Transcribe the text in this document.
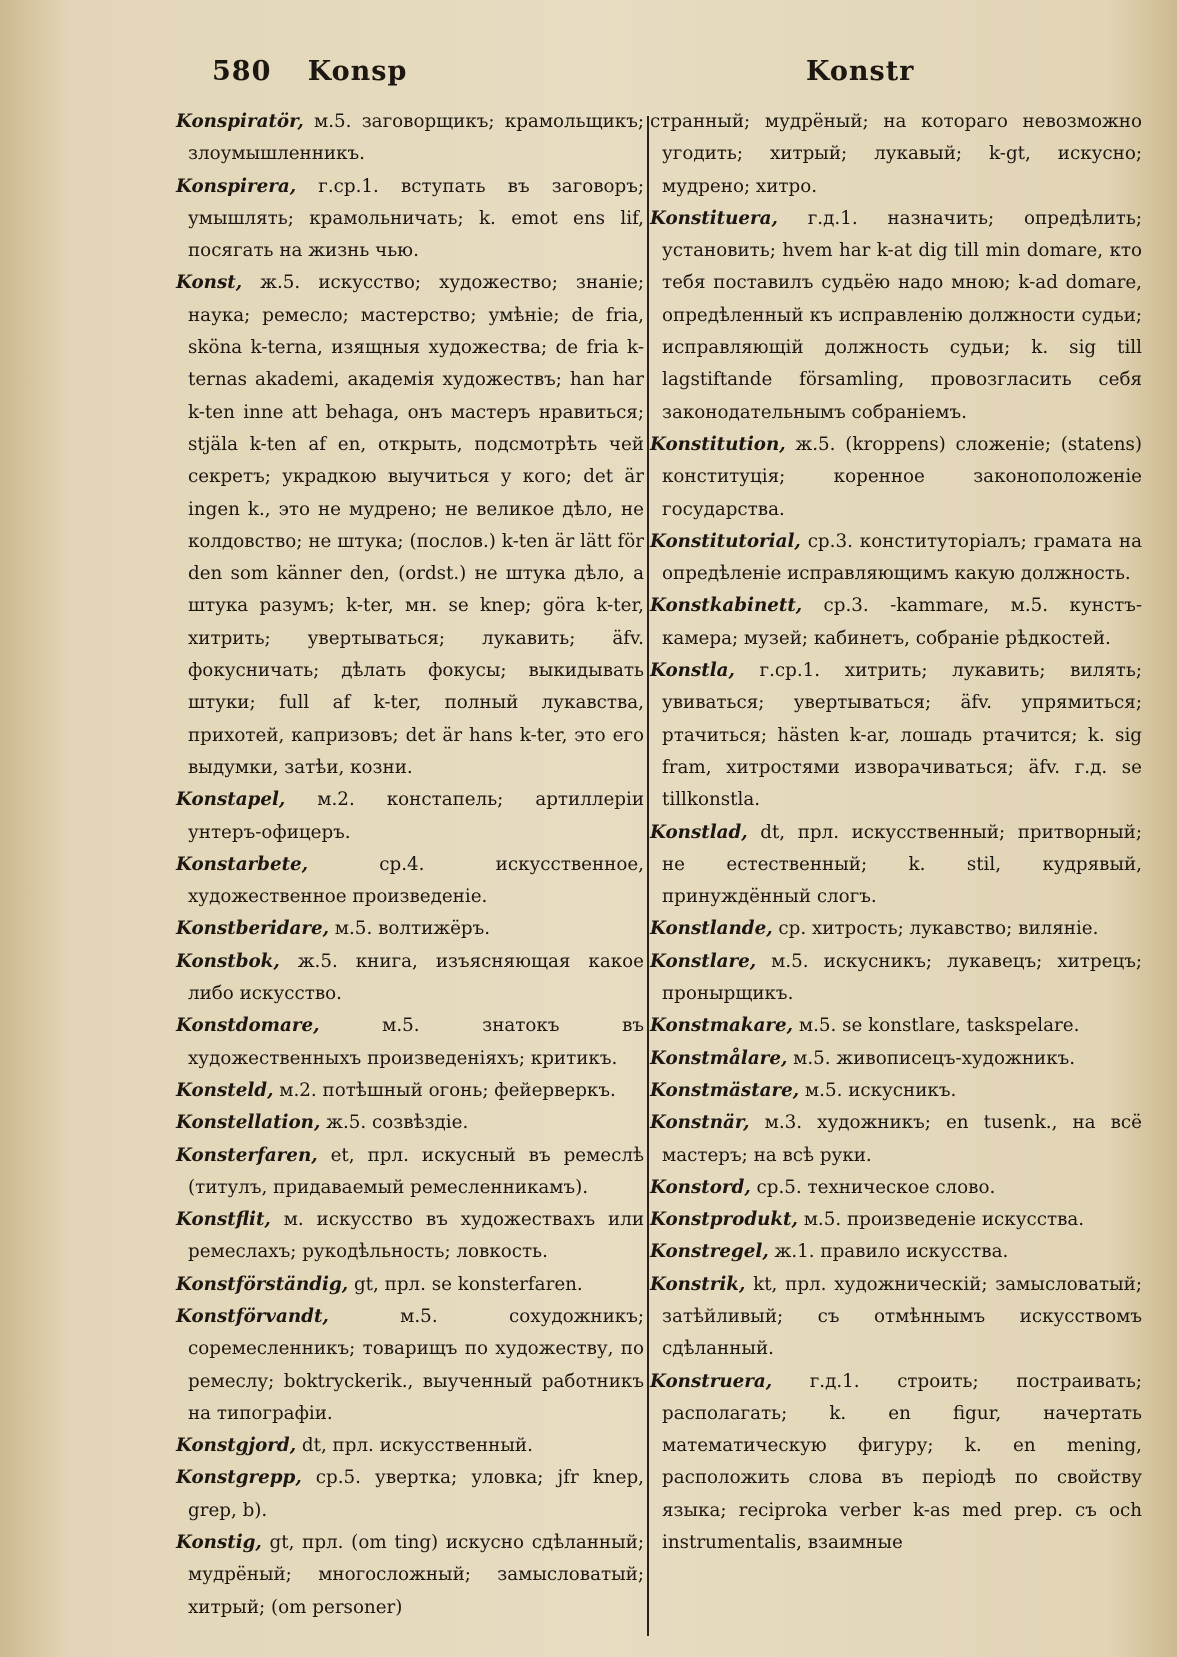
580 Konsp	Konstr

Konspiratör, м.5. заговорщикъ; крамольщикъ; злоумышленникъ.

Konspirera, г.ср.1. вступать въ заговоръ; умышлять; крамольничать; k. emot ens lif, посягать на жизнь чью.

Konst, ж.5. искусство; художество; знаніе; наука; ремесло; мастерство; умѣніе; de fria, sköna k-terna, изящныя художества; de fria k-ternas akademi, академія художествъ; han har k-ten inne att behaga, онъ мастеръ нравиться; stjäla k-ten af en, открыть, подсмотрѣть чей секретъ; украдкою выучиться у кого; det är ingen k., это не мудрено; не великое дѣло, не колдовство; не штука; (послов.) k-ten är lätt för den som känner den, (ordst.) не штука дѣло, а штука разумъ; k-ter, мн. se knep; göra k-ter, хитрить; увертываться; лукавить; äfv. фокусничать; дѣлать фокусы; выкидывать штуки; full af k-ter, полный лукавства, прихотей, капризовъ; det är hans k-ter, это его выдумки, затѣи, козни.

Konstapel, м.2. констапель; артиллеріи унтеръ-офицеръ.

Konstarbete,	ср.4. искусственное, художественное произведеніе.

Konstberidare, м.5. волтижёръ.

Konstbok, ж.5. книга, изъясняющая какое либо искусство.

Konstdomare,	м.5. знатокъ въ художественныхъ произведеніяхъ; критикъ.

Konsteld, м.2. потѣшный огонь; фейерверкъ.

Konstellation, ж.5. созвѣздіе.

Konsterfaren, et, прл. искусный въ ремеслѣ (титулъ, придаваемый ремесленникамъ).

Konstflit, м. искусство въ художествахъ или ремеслахъ; рукодѣльность; ловкость.

Konstförständig, gt, прл. se konsterfaren.

Konstförvandt,	м.5. сохудожникъ; соремесленникъ; товарищъ по художеству, по ремеслу; boktryckerik., выученный работникъ на типографіи.

Konstgjord, dt, прл. искусственный.

Konstgrepp, ср.5. увертка; уловка; jfr knep, grep, b).

Konstig, gt, прл. (om ting) искусно сдѣланный; мудрёный; многосложный; замысловатый; хитрый; (om personer)

странный; мудрёный; на котораго невозможно угодить; хитрый; лукавый; k-gt, искусно; мудрено; хитро.

Konstituera, г.д.1. назначить; опредѣлить; установить; hvem har k-at dig till min domare, кто тебя поставилъ судьёю надо мною; k-ad domare, опредѣленный къ исправленію должности судьи; исправляющій должность судьи; k. sig till lagstiftande församling, провозгласить себя законодательнымъ собраніемъ.

Konstitution, ж.5. (kroppens) сложеніе; (statens) конституція; коренное законоположеніе государства.

Konstitutorial, ср.3. конституторіалъ; грамата на опредѣленіе исправляющимъ какую должность.

Konstkabinett, ср.3. -kammare, м.5. кунстъ-камера; музей; кабинетъ, собраніе рѣдкостей.

Konstla, г.ср.1. хитрить; лукавить; вилять; увиваться; увертываться; äfv. упрямиться; ртачиться; hästen k-ar, лошадь ртачится; k. sig fram, хитростями изворачиваться; äfv. г.д. se tillkonstla.

Konstlad, dt, прл. искусственный; притворный; не естественный; k. stil, кудрявый, принуждённый слогъ.

Konstlande, ср. хитрость; лукавство; виляніе.

Konstlare, м.5. искусникъ; лукавецъ; хитрецъ; пронырщикъ.

Konstmakare, м.5. se konstlare, taskspelare.

Konstmålare, м.5. живописецъ-художникъ.

Konstmästare, м.5. искусникъ.

Konstnär, м.3. художникъ; en tusenk., на всё мастеръ; на всѣ руки.

Konstord, ср.5. техническое слово.

Konstprodukt, м.5. произведеніе искусства.

Konstregel, ж.1. правило искусства.

Konstrik, kt, прл. художническій; замысловатый; затѣйливый; съ отмѣннымъ искусствомъ сдѣланный.

Konstruera, г.д.1. строить; постраивать; располагать; k. en figur, начертать математическую фигуру; k. en mening, расположить слова въ періодѣ по свойству языка; reciproka verber k-as med prep. съ och instrumentalis, взаимные
